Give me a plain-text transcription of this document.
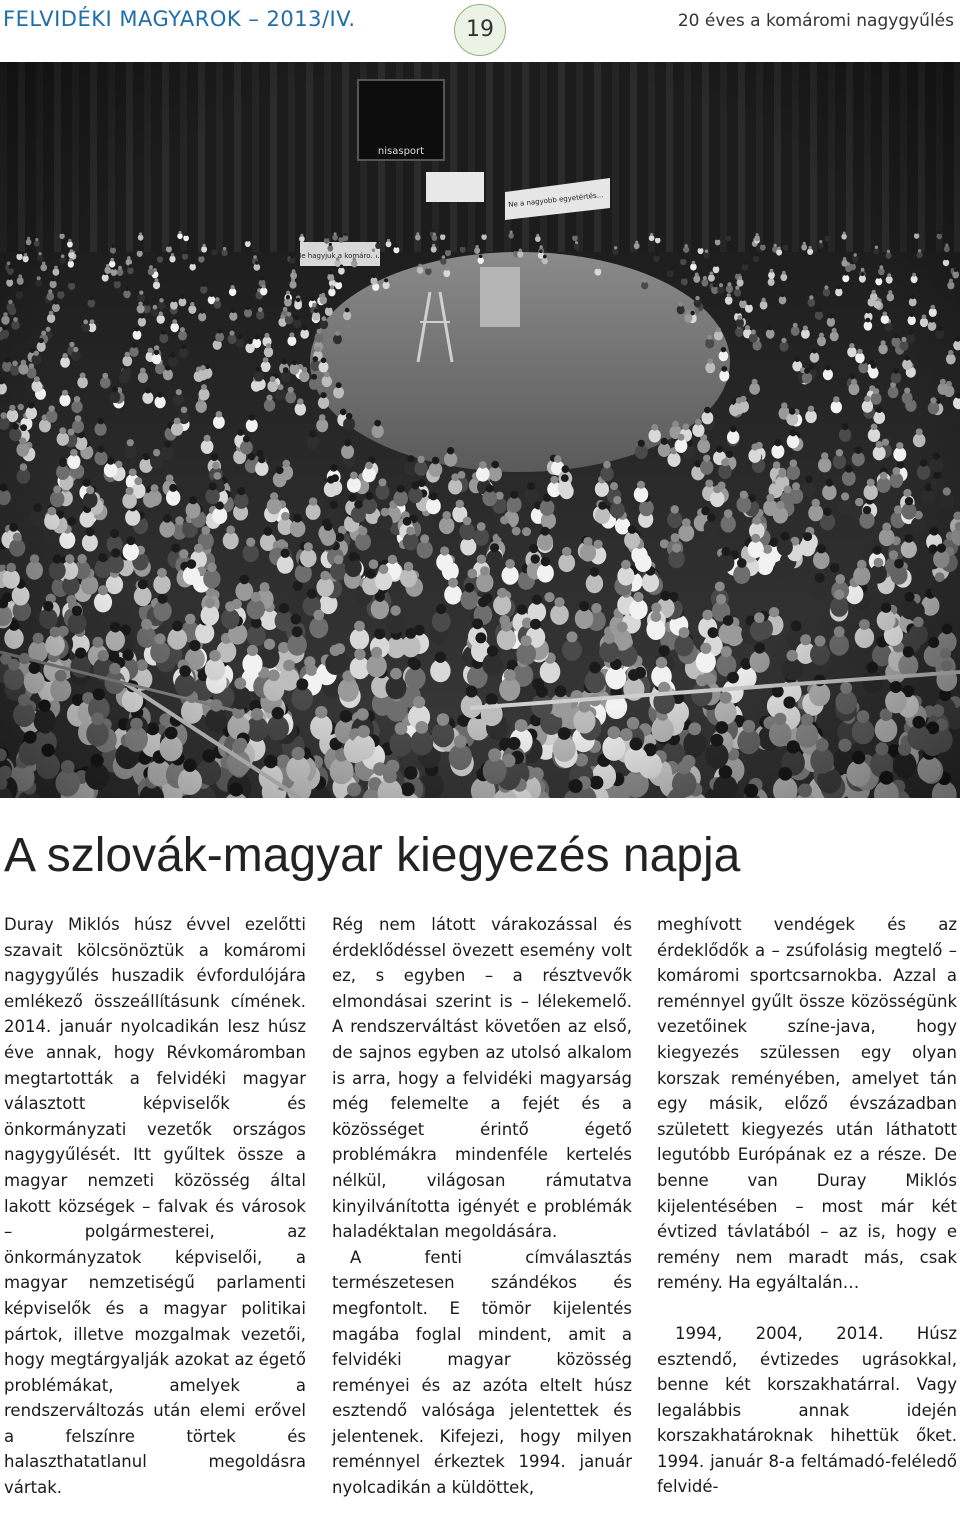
FELVIDÉKI MAGYAROK – 2013/IV.	19	20 éves a komáromi nagygyűlés
A szlovák-magyar kiegyezés napja

Duray Miklós húsz évvel ezelőtti szavait kölcsönöztük a komáromi nagygyűlés huszadik évfordulójára emlékező összeállításunk címének. 2014. január nyolcadikán lesz húsz éve annak, hogy Révkomáromban megtartották a felvidéki magyar választott képviselők és önkormányzati vezetők országos nagygyűlését. Itt gyűltek össze a magyar nemzeti közösség által lakott községek – falvak és városok – polgármesterei, az önkormányzatok képviselői, a magyar nemzetiségű parlamenti képviselők és a magyar politikai pártok, illetve mozgalmak vezetői, hogy megtárgyalják azokat az égető problémákat, amelyek a rendszerváltozás után elemi erővel a felszínre törtek és halaszthatatlanul megoldásra vártak.

Rég nem látott várakozással és érdeklődéssel övezett esemény volt ez, s egyben – a résztvevők elmondásai szerint is – lélekemelő. A rendszerváltást követően az első, de sajnos egyben az utolsó alkalom is arra, hogy a felvidéki magyarság még felemelte a fejét és a közösséget érintő égető problémákra mindenféle kertelés nélkül, világosan rámutatva kinyilvánította igényét e problémák haladéktalan megoldására.

A fenti címválasztás természetesen szándékos és megfontolt. E tömör kijelentés magába foglal mindent, amit a felvidéki magyar közösség reményei és az azóta eltelt húsz esztendő valósága jelentettek és jelentenek. Kifejezi, hogy milyen reménnyel érkeztek 1994. január nyolcadikán a küldöttek,

meghívott vendégek és az érdeklődők a – zsúfolásig megtelő – komáromi sportcsarnokba. Azzal a reménnyel gyűlt össze közösségünk vezetőinek színe-java, hogy kiegyezés szülessen egy olyan korszak reményében, amelyet tán egy másik, előző évszázadban született kiegyezés után láthatott legutóbb Európának ez a része. De benne van Duray Miklós kijelentésében – most már két évtized távlatából – az is, hogy e remény nem maradt más, csak remény. Ha egyáltalán…

1994, 2004, 2014. Húsz esztendő, évtizedes ugrásokkal, benne két korszakhatárral. Vagy legalábbis annak idején korszakhatároknak hihettük őket. 1994. január 8-a feltámadó-feléledő felvidé-
